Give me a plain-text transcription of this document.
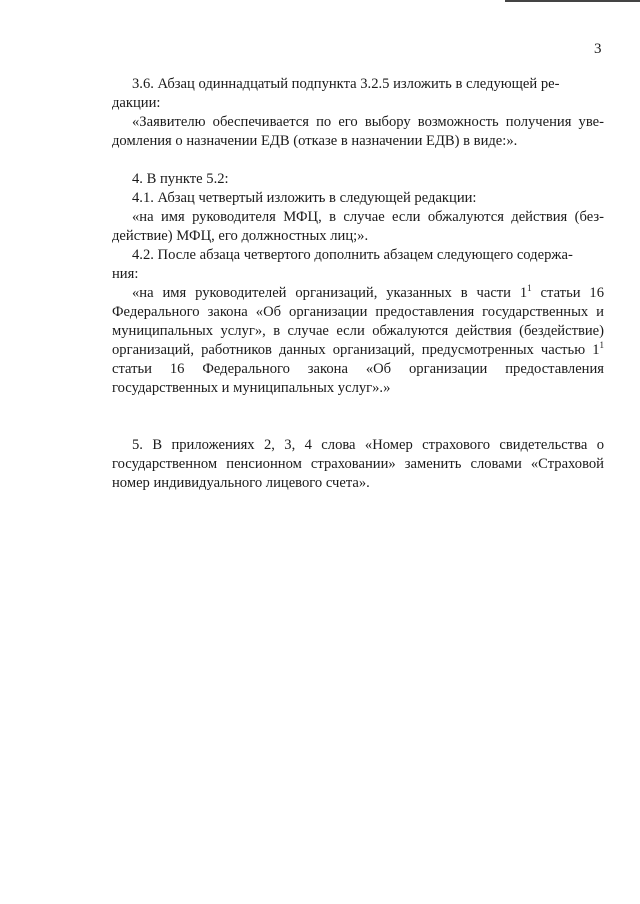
3

3.6. Абзац одиннадцатый подпункта 3.2.5 изложить в следующей ре-

дакции:

«Заявителю обеспечивается по его выбору возможность получения уве-домления о назначении ЕДВ (отказе в назначении ЕДВ) в виде:».

4. В пункте 5.2:

4.1. Абзац четвертый изложить в следующей редакции:

«на имя руководителя МФЦ, в случае если обжалуются действия (без-действие) МФЦ, его должностных лиц;».

4.2. После абзаца четвертого дополнить абзацем следующего содержа-

ния:

«на имя руководителей организаций, указанных в части $1^1$ статьи 16 Федерального закона «Об организации предоставления государственных и муниципальных услуг», в случае если обжалуются действия (бездействие) организаций, работников данных организаций, предусмотренных частью $1^1$ статьи 16 Федерального закона «Об организации предоставления государственных и муниципальных услуг».»

5. В приложениях 2, 3, 4 слова «Номер страхового свидетельства о государственном пенсионном страховании» заменить словами «Страховой номер индивидуального лицевого счета».
